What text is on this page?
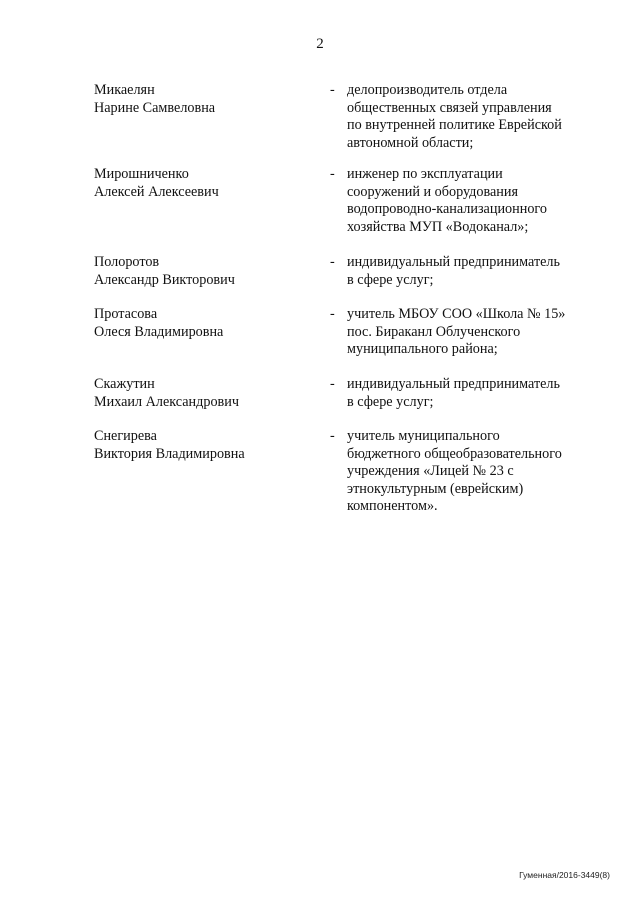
2
Микаелян
Нарине Самвеловна
- делопроизводитель отдела
общественных связей управления
по внутренней политике Еврейской
автономной области;
Мирошниченко
Алексей Алексеевич
- инженер по эксплуатации
сооружений и оборудования
водопроводно-канализационного
хозяйства МУП «Водоканал»;
Полоротов
Александр Викторович
- индивидуальный предприниматель
в сфере услуг;
Протасова
Олеся Владимировна
- учитель МБОУ СОО «Школа № 15»
пос. Бираканл Облученского
муниципального района;
Скажутин
Михаил Александрович
- индивидуальный предприниматель
в сфере услуг;
Снегирева
Виктория Владимировна
- учитель муниципального
бюджетного общеобразовательного
учреждения «Лицей № 23 с
этнокультурным (еврейским)
компонентом».
Гуменная/2016-3449(8)
